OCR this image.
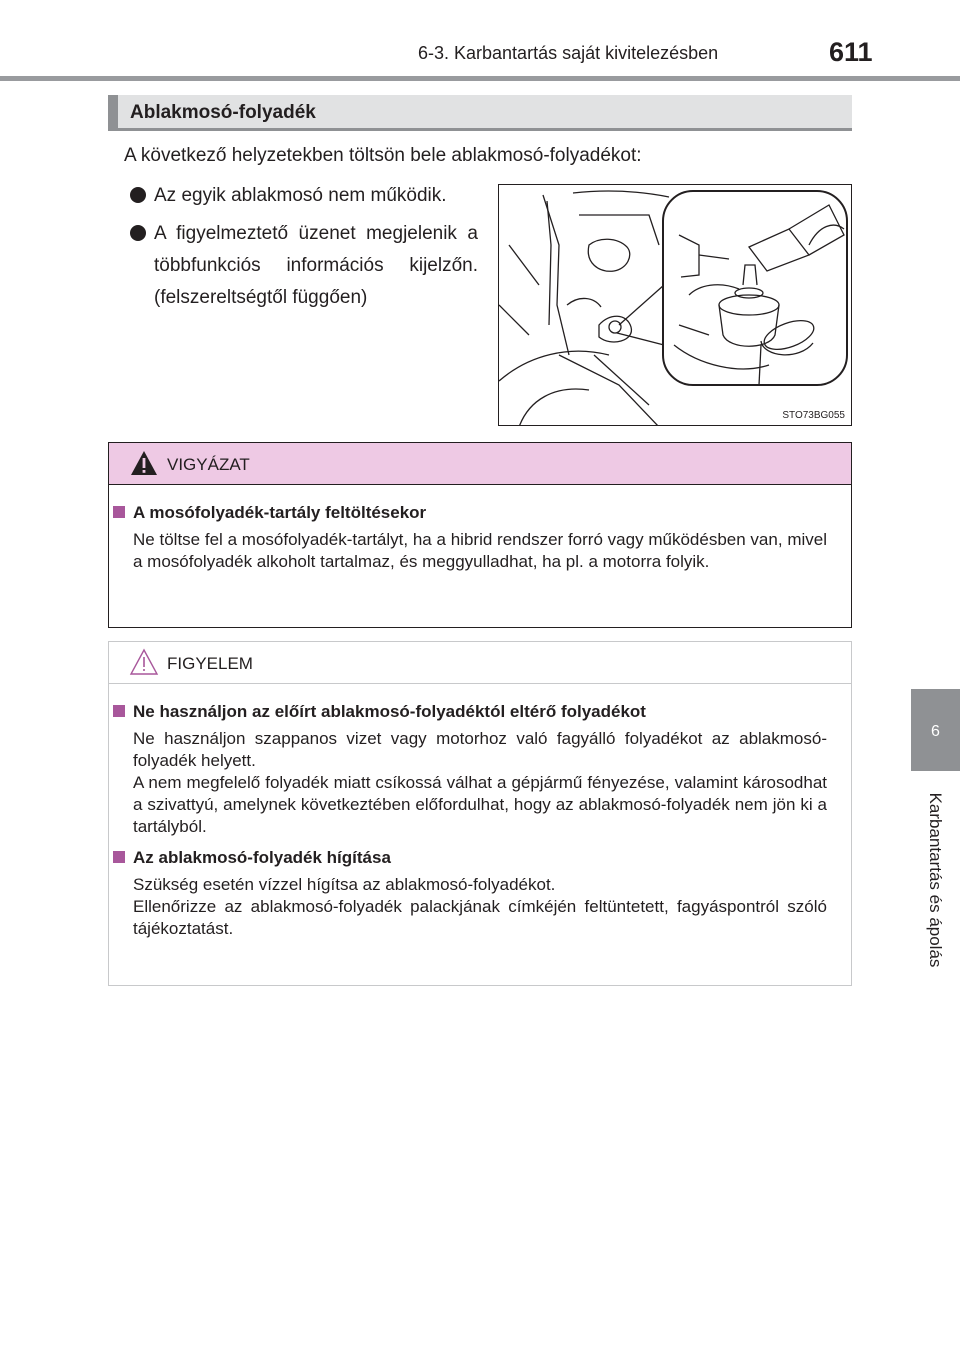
6-3. Karbantartás saját kivitelezésben	611
6
Karbantartás és ápolás
Ablakmosó-folyadék
A következő helyzetekben töltsön bele ablakmosó-folyadékot:
Az egyik ablakmosó nem működik.
A figyelmeztető üzenet megjelenik a többfunkciós információs kijelzőn. (felszereltségtől függően)
STO73BG055
VIGYÁZAT
A mosófolyadék-tartály feltöltésekor
Ne töltse fel a mosófolyadék-tartályt, ha a hibrid rendszer forró vagy működésben van, mivel a mosófolyadék alkoholt tartalmaz, és meggyulladhat, ha pl. a motorra folyik.
FIGYELEM
Ne használjon az előírt ablakmosó-folyadéktól eltérő folyadékot

Ne használjon szappanos vizet vagy motorhoz való fagyálló folyadékot az ablakmosó-folyadék helyett.

A nem megfelelő folyadék miatt csíkossá válhat a gépjármű fényezése, valamint károsodhat a szivattyú, amelynek következtében előfordulhat, hogy az ablakmosó-folyadék nem jön ki a tartályból.

Az ablakmosó-folyadék hígítása

Szükség esetén vízzel hígítsa az ablakmosó-folyadékot.

Ellenőrizze az ablakmosó-folyadék palackjának címkéjén feltüntetett, fagyáspontról szóló tájékoztatást.
